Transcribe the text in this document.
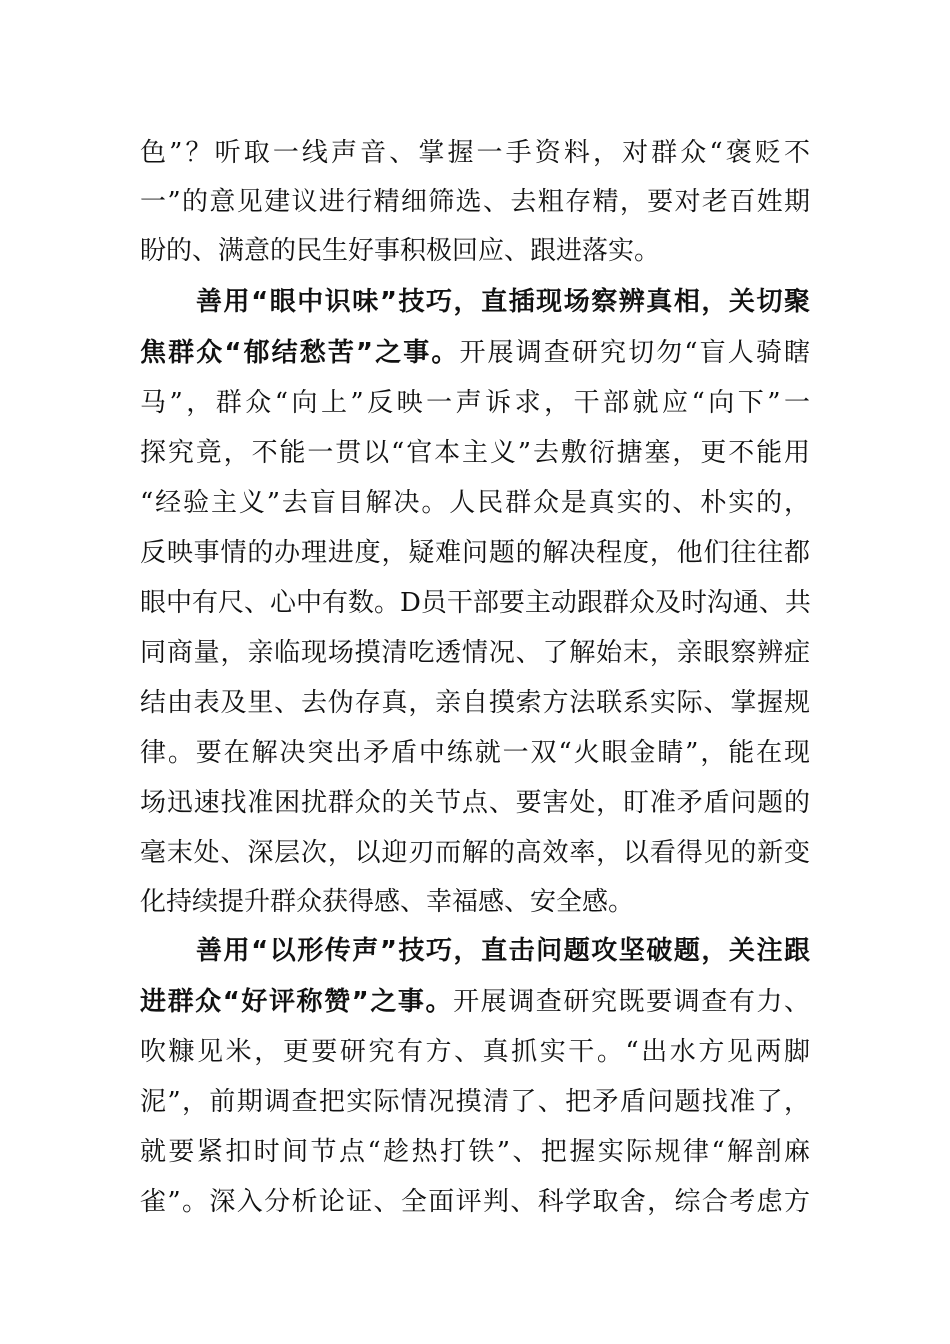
色”？听取一线声音、掌握一手资料，对群众“褒贬不
一”的意见建议进行精细筛选、去粗存精，要对老百姓期
盼的、满意的民生好事积极回应、跟进落实。
善用“眼中识味”技巧，直插现场察辨真相，关切聚
焦群众“郁结愁苦”之事。开展调查研究切勿“盲人骑瞎
马”，群众“向上”反映一声诉求，干部就应“向下”一
探究竟，不能一贯以“官本主义”去敷衍搪塞，更不能用
“经验主义”去盲目解决。人民群众是真实的、朴实的，
反映事情的办理进度，疑难问题的解决程度，他们往往都
眼中有尺、心中有数。D员干部要主动跟群众及时沟通、共
同商量，亲临现场摸清吃透情况、了解始末，亲眼察辨症
结由表及里、去伪存真，亲自摸索方法联系实际、掌握规
律。要在解决突出矛盾中练就一双“火眼金睛”，能在现
场迅速找准困扰群众的关节点、要害处，盯准矛盾问题的
毫末处、深层次，以迎刃而解的高效率，以看得见的新变
化持续提升群众获得感、幸福感、安全感。
善用“以形传声”技巧，直击问题攻坚破题，关注跟
进群众“好评称赞”之事。开展调查研究既要调查有力、
吹糠见米，更要研究有方、真抓实干。“出水方见两脚
泥”，前期调查把实际情况摸清了、把矛盾问题找准了，
就要紧扣时间节点“趁热打铁”、把握实际规律“解剖麻
雀”。深入分析论证、全面评判、科学取舍，综合考虑方
